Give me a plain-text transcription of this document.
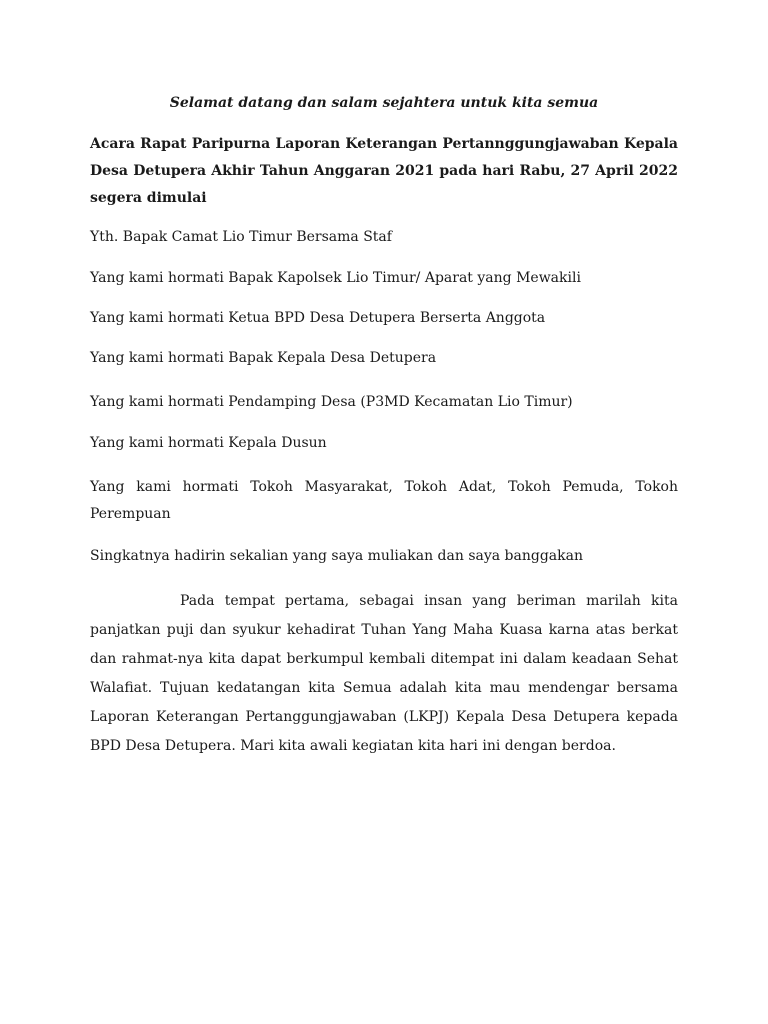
Selamat datang dan salam sejahtera untuk kita semua
Acara Rapat Paripurna Laporan Keterangan Pertannggungjawaban Kepala Desa Detupera Akhir Tahun Anggaran 2021 pada hari Rabu, 27 April 2022 segera dimulai
Yth. Bapak Camat Lio Timur Bersama Staf
Yang kami hormati Bapak Kapolsek Lio Timur/ Aparat yang Mewakili
Yang kami hormati Ketua BPD Desa Detupera Berserta Anggota
Yang kami hormati Bapak Kepala Desa Detupera
Yang kami hormati Pendamping Desa (P3MD Kecamatan Lio Timur)
Yang kami hormati Kepala Dusun
Yang kami hormati Tokoh Masyarakat, Tokoh Adat, Tokoh Pemuda, Tokoh Perempuan
Singkatnya hadirin sekalian yang saya muliakan dan saya banggakan
Pada tempat pertama, sebagai insan yang beriman marilah kita panjatkan puji dan syukur kehadirat Tuhan Yang Maha Kuasa karna atas berkat dan rahmat-nya kita dapat berkumpul kembali ditempat ini dalam keadaan Sehat Walafiat. Tujuan kedatangan kita Semua adalah kita mau mendengar bersama Laporan Keterangan Pertanggungjawaban (LKPJ) Kepala Desa Detupera kepada BPD Desa Detupera. Mari kita awali kegiatan kita hari ini dengan berdoa.
